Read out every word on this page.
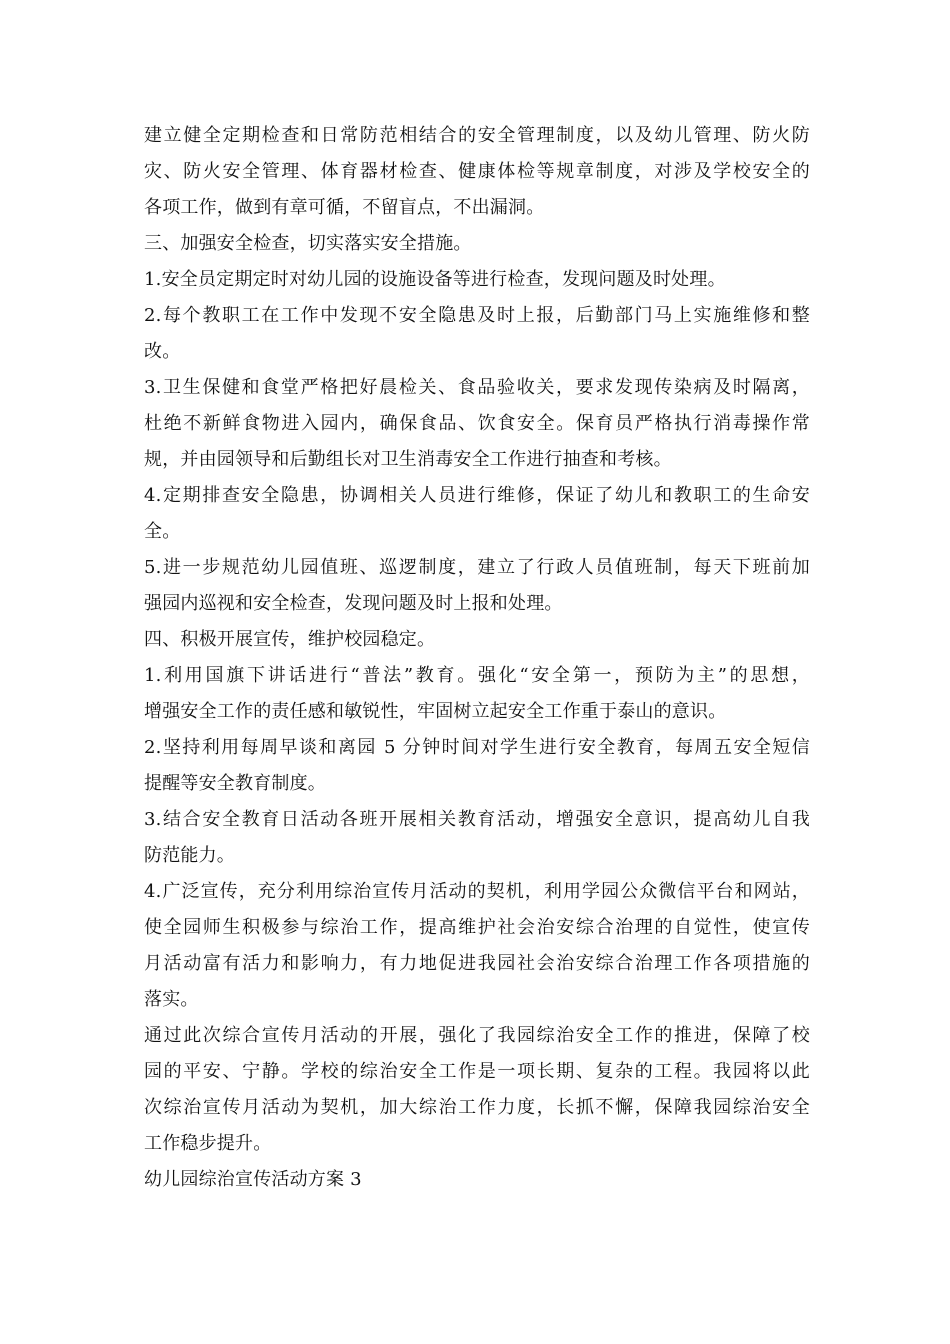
建立健全定期检查和日常防范相结合的安全管理制度，以及幼儿管理、防火防
灾、防火安全管理、体育器材检查、健康体检等规章制度，对涉及学校安全的
各项工作，做到有章可循，不留盲点，不出漏洞。
三、加强安全检查，切实落实安全措施。
1.安全员定期定时对幼儿园的设施设备等进行检查，发现问题及时处理。
2.每个教职工在工作中发现不安全隐患及时上报，后勤部门马上实施维修和整
改。
3.卫生保健和食堂严格把好晨检关、食品验收关，要求发现传染病及时隔离，
杜绝不新鲜食物进入园内，确保食品、饮食安全。保育员严格执行消毒操作常
规，并由园领导和后勤组长对卫生消毒安全工作进行抽查和考核。
4.定期排查安全隐患，协调相关人员进行维修，保证了幼儿和教职工的生命安
全。
5.进一步规范幼儿园值班、巡逻制度，建立了行政人员值班制，每天下班前加
强园内巡视和安全检查，发现问题及时上报和处理。
四、积极开展宣传，维护校园稳定。
1.利用国旗下讲话进行“普法”教育。强化“安全第一，预防为主”的思想，
增强安全工作的责任感和敏锐性，牢固树立起安全工作重于泰山的意识。
2.坚持利用每周早谈和离园 5 分钟时间对学生进行安全教育，每周五安全短信
提醒等安全教育制度。
3.结合安全教育日活动各班开展相关教育活动，增强安全意识，提高幼儿自我
防范能力。
4.广泛宣传，充分利用综治宣传月活动的契机，利用学园公众微信平台和网站，
使全园师生积极参与综治工作，提高维护社会治安综合治理的自觉性，使宣传
月活动富有活力和影响力，有力地促进我园社会治安综合治理工作各项措施的
落实。
通过此次综合宣传月活动的开展，强化了我园综治安全工作的推进，保障了校
园的平安、宁静。学校的综治安全工作是一项长期、复杂的工程。我园将以此
次综治宣传月活动为契机，加大综治工作力度，长抓不懈，保障我园综治安全
工作稳步提升。
幼儿园综治宣传活动方案 3
